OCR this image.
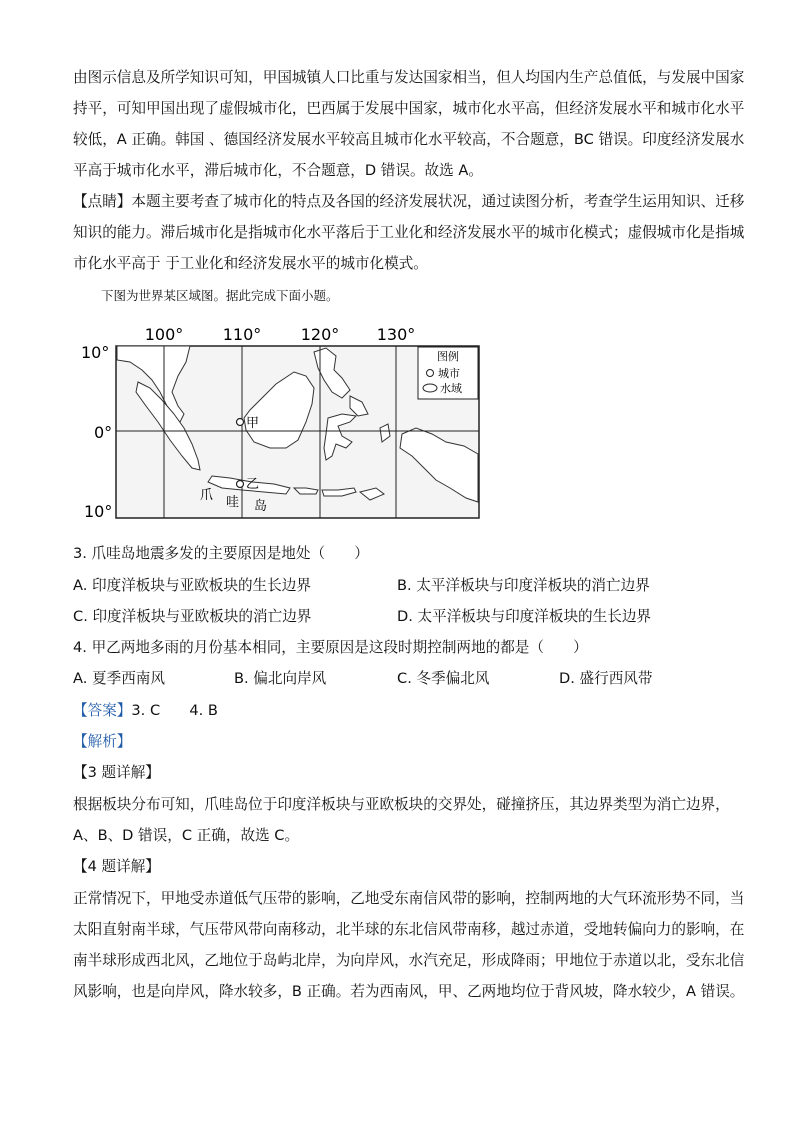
由图示信息及所学知识可知，甲国城镇人口比重与发达国家相当，但人均国内生产总值低，与发展中国家
持平，可知甲国出现了虚假城市化，巴西属于发展中国家，城市化水平高，但经济发展水平和城市化水平
较低，A 正确。韩国 、德国经济发展水平较高且城市化水平较高，不合题意，BC 错误。印度经济发展水
平高于城市化水平，滞后城市化，不合题意，D 错误。故选 A。
【点睛】本题主要考查了城市化的特点及各国的经济发展状况，通过读图分析，考查学生运用知识、迁移
知识的能力。滞后城市化是指城市化水平落后于工业化和经济发展水平的城市化模式；虚假城市化是指城
市化水平高于 于工业化和经济发展水平的城市化模式。
下图为世界某区域图。据此完成下面小题。
100° 110° 120° 130°
10°
0°
10°
图例
城市
水域
甲
乙
爪 哇 岛
3. 爪哇岛地震多发的主要原因是地处（　　）
A. 印度洋板块与亚欧板块的生长边界	B. 太平洋板块与印度洋板块的消亡边界
C. 印度洋板块与亚欧板块的消亡边界	D. 太平洋板块与印度洋板块的生长边界
4. 甲乙两地多雨的月份基本相同，主要原因是这段时期控制两地的都是（　　）
A. 夏季西南风	B. 偏北向岸风	C. 冬季偏北风	D. 盛行西风带
【答案】3. C　　4. B
【解析】
【3 题详解】
根据板块分布可知，爪哇岛位于印度洋板块与亚欧板块的交界处，碰撞挤压，其边界类型为消亡边界，
A、B、D 错误，C 正确，故选 C。
【4 题详解】
正常情况下，甲地受赤道低气压带的影响，乙地受东南信风带的影响，控制两地的大气环流形势不同，当
太阳直射南半球，气压带风带向南移动，北半球的东北信风带南移，越过赤道，受地转偏向力的影响，在
南半球形成西北风，乙地位于岛屿北岸，为向岸风，水汽充足，形成降雨；甲地位于赤道以北，受东北信
风影响，也是向岸风，降水较多，B 正确。若为西南风，甲、乙两地均位于背风坡，降水较少，A 错误。
